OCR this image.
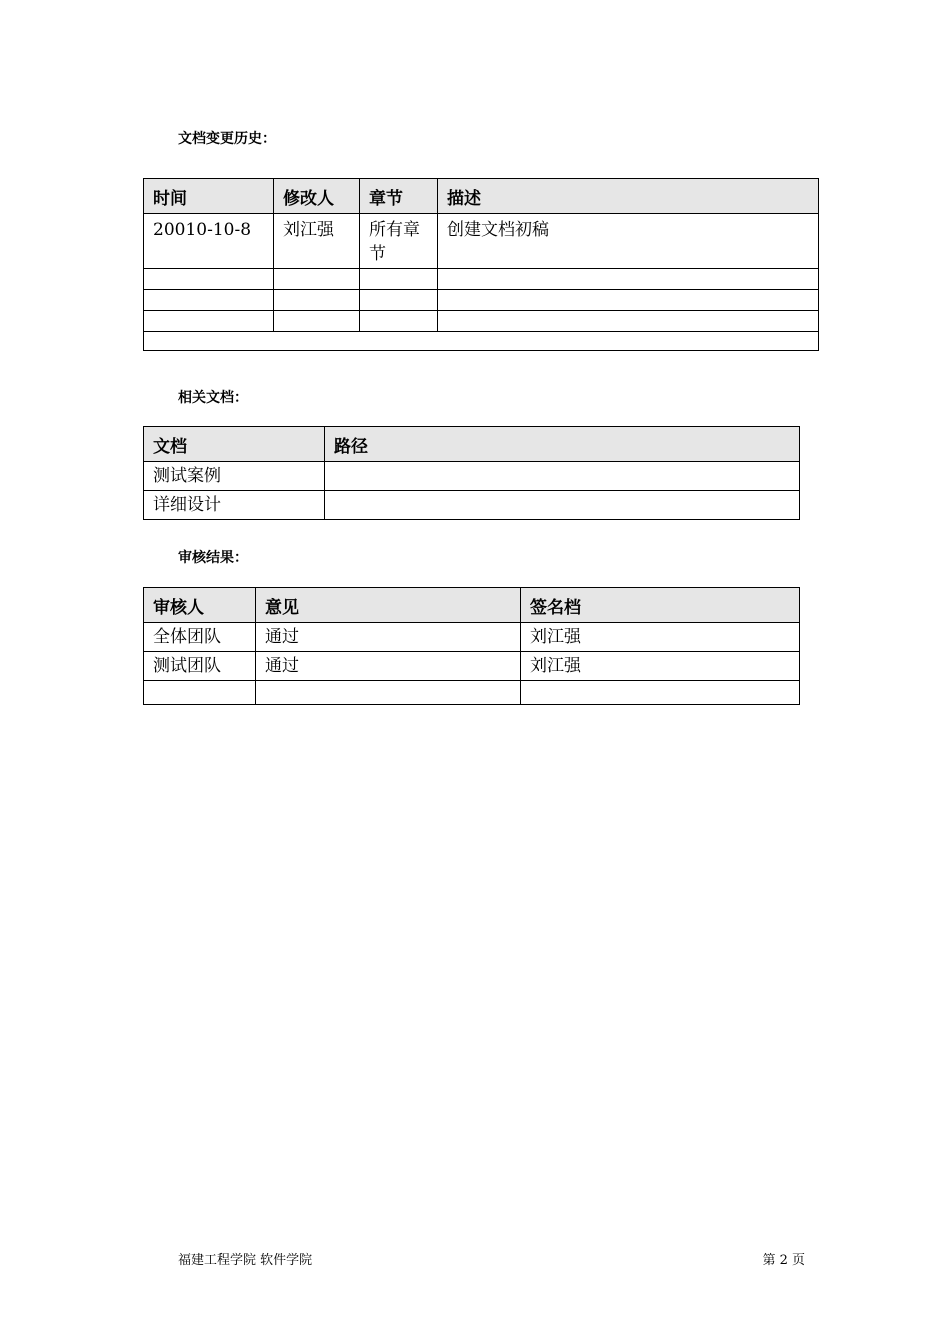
文档变更历史：
时间	修改人	章节	描述
20010-10-8	刘江强	所有章节	创建文档初稿

相关文档：
文档	路径
测试案例	
详细设计	
审核结果：
审核人	意见	签名档
全体团队	通过	刘江强
测试团队	通过	刘江强

福建工程学院 软件学院	第 2 页
